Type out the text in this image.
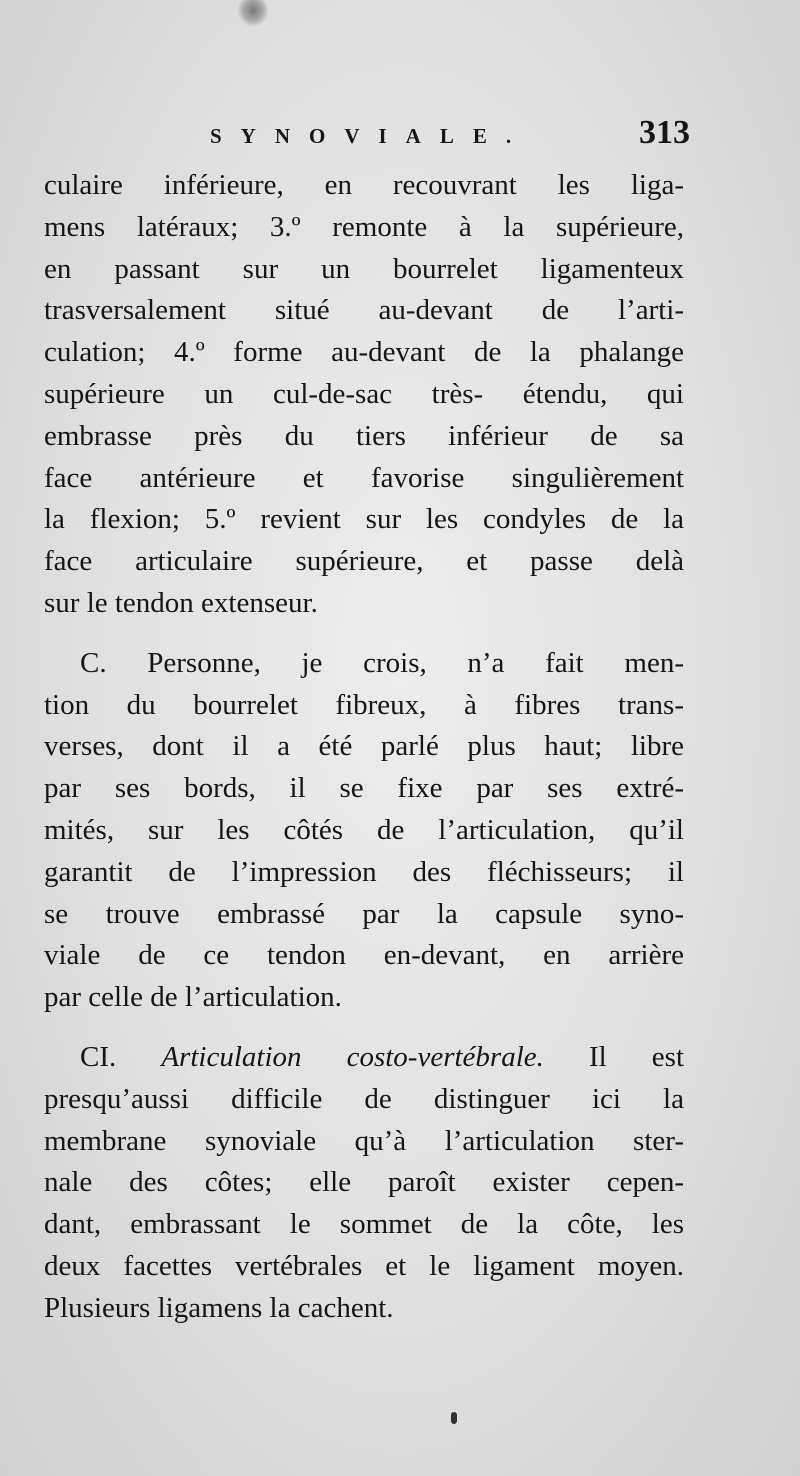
SYNOVIALE.	313
culaire inférieure, en recouvrant les liga-
mens latéraux; 3.º remonte à la supérieure,
en passant sur un bourrelet ligamenteux
trasversalement situé au-devant de l’arti-
culation; 4.º forme au-devant de la phalange
supérieure un cul-de-sac très- étendu, qui
embrasse près du tiers inférieur de sa
face antérieure et favorise singulièrement
la flexion; 5.º revient sur les condyles de la
face articulaire supérieure, et passe delà
sur le tendon extenseur.
C. Personne, je crois, n’a fait men-
tion du bourrelet fibreux, à fibres trans-
verses, dont il a été parlé plus haut; libre
par ses bords, il se fixe par ses extré-
mités, sur les côtés de l’articulation, qu’il
garantit de l’impression des fléchisseurs; il
se trouve embrassé par la capsule syno-
viale de ce tendon en-devant, en arrière
par celle de l’articulation.
CI. Articulation costo-vertébrale. Il est
presqu’aussi difficile de distinguer ici la
membrane synoviale qu’à l’articulation ster-
nale des côtes; elle paroît exister cepen-
dant, embrassant le sommet de la côte, les
deux facettes vertébrales et le ligament moyen.
Plusieurs ligamens la cachent.
